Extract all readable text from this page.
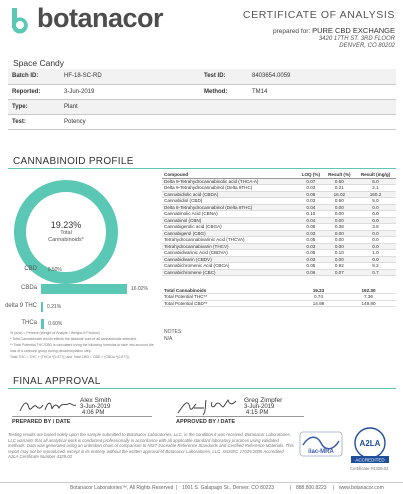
botanacor	CERTIFICATE OF ANALYSIS
prepared for: PURE CBD EXCHANGE
3420 17TH ST. 3RD FLOOR
DENVER, CO 80202
Space Candy
Batch ID:	HF-18-SC-RD	Test ID:	8403654.0059
Reported:	3-Jun-2019	Method:	TM14
Type:	Plant		
Test:	Potency		
CANNABINOID PROFILE
19.23%
Total
Cannabinoids*
CBD 0.50%
CBDa	16.02%
delta 9 THC 0.21%
THCa 0.60%
% (w/w) = Percent (Weight of Analyte / Weight of Product)
* Total Cannabinoids result reflects the absolute sum of all cannabinoids detected.
** Total Potential THC/CBD is calculated using the following formulas to take into account the loss of a carboxyl group during decarboxylation step.
Total THC = THC + (THCa *(0.877)) and Total CBD = CBD + (CBDa *(0.877))
Compound	LOQ (%)	Result (%)	Result (mg/g)
Delta 9-Tetrahydrocannabinolic acid (THCA-A)	0.07	0.60	6.0
Delta 9-Tetrahydrocannabinol (Delta 9THC)	0.03	0.21	2.1
Cannabidiolic acid (CBDA)	0.06	16.02	160.2
Cannabidiol (CBD)	0.03	0.50	5.0
Delta 8-Tetrahydrocannabinol (Delta 8THC)	0.04	0.00	0.0
Cannabinolic Acid (CBNA)	0.10	0.00	0.0
Cannabinol (CBN)	0.04	0.00	0.0
Cannabigerolic acid (CBGA)	0.06	0.38	3.8
Cannabigerol (CBG)	0.03	0.00	0.0
Tetrahydrocannabivarinic Acid (THCVA)	0.05	0.00	0.0
Tetrahydrocannabivarin (THCV)	0.03	0.00	0.0
Cannabidivarinic Acid (CBDVA)	0.05	0.10	1.0
Cannabidivarin (CBDV)	0.03	0.00	0.0
Cannabichromenic Acid (CBCA)	0.05	0.92	9.2
Cannabichromene (CBC)	0.06	0.07	0.7
Total Cannabinoids		19.23	192.30
Total Potential THC**		0.74	7.36
Total Potential CBD**		14.98	149.80
NOTES:
N/A
FINAL APPROVAL
Alex Smith
3-Jun-2019
4:06 PM
PREPARED BY / DATE
Greg Zimpfer
3-Jun-2019
4:15 PM
APPROVED BY / DATE
Testing results are based solely upon the sample submitted to Botanacor Laboratories, LLC, in the condition it was received. Botanacor Laboratories, LLC warrants that all analytical work is conducted professionally in accordance with all applicable standard laboratory practices using validated methods. Data was generated using an unbroken chain of comparison to NIST traceable Reference Standards and Certified Reference Materials. This report may not be reproduced, except in its entirety, without the written approval of Botanacor Laboratories, LLC. ISO/IEC 17025:2005 Accredited A2LA Certificate Number 4329.02
ilac-MRA
A2LA
ACCREDITED
Certificate #4329.02
Botanacor Laboratories™, All Rights Reserved | 1001 S. Galapago St., Denver, CO 80223	| 888.800.8223 | www.botanacor.com
